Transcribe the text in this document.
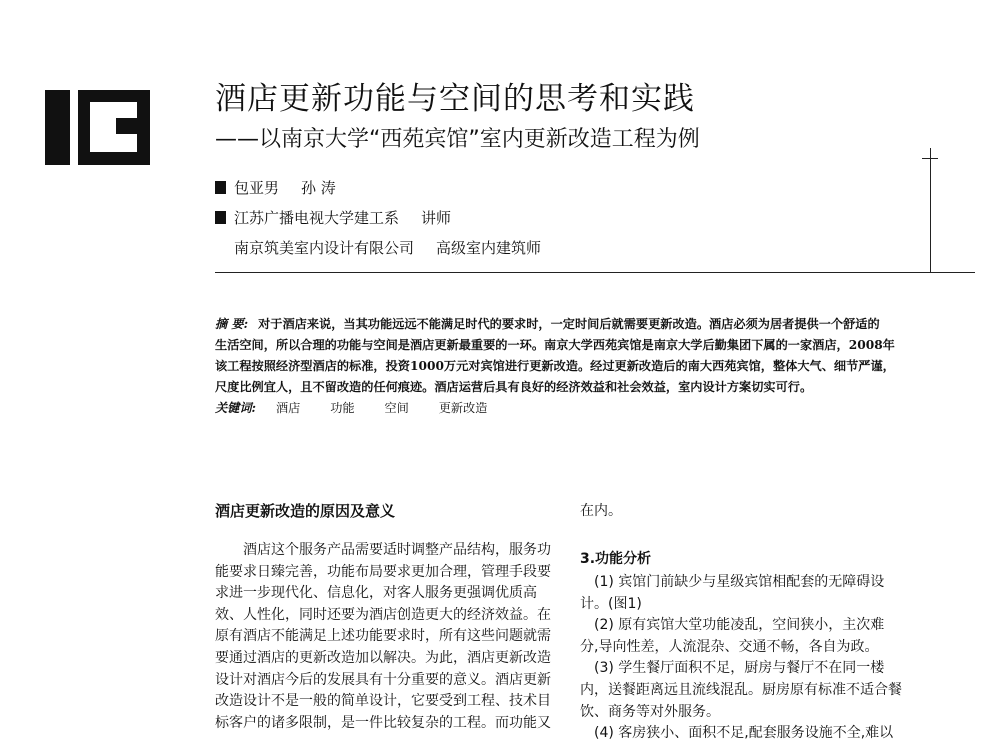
酒店更新功能与空间的思考和实践
——以南京大学“西苑宾馆”室内更新改造工程为例
包亚男 孙 涛
江苏广播电视大学建工系 讲师
南京筑美室内设计有限公司 高级室内建筑师
摘 要: 对于酒店来说，当其功能远远不能满足时代的要求时，一定时间后就需要更新改造。酒店必须为居者提供一个舒适的
生活空间，所以合理的功能与空间是酒店更新最重要的一环。南京大学西苑宾馆是南京大学后勤集团下属的一家酒店，2008年
该工程按照经济型酒店的标准，投资1000万元对宾馆进行更新改造。经过更新改造后的南大西苑宾馆，整体大气、细节严谨，
尺度比例宜人，且不留改造的任何痕迹。酒店运营后具有良好的经济效益和社会效益，室内设计方案切实可行。
关键词: 酒店 功能 空间 更新改造
酒店更新改造的原因及意义
　　酒店这个服务产品需要适时调整产品结构，服务功
能要求日臻完善，功能布局要求更加合理，管理手段要
求进一步现代化、信息化，对客人服务更强调优质高
效、人性化，同时还要为酒店创造更大的经济效益。在
原有酒店不能满足上述功能要求时，所有这些问题就需
要通过酒店的更新改造加以解决。为此，酒店更新改造
设计对酒店今后的发展具有十分重要的意义。酒店更新
改造设计不是一般的简单设计，它要受到工程、技术目
标客户的诸多限制，是一件比较复杂的工程。而功能又
在内。
3.功能分析
　(1) 宾馆门前缺少与星级宾馆相配套的无障碍设
计。(图1)
　(2) 原有宾馆大堂功能凌乱，空间狭小，主次难
分,导向性差，人流混杂、交通不畅，各自为政。
　(3) 学生餐厅面积不足，厨房与餐厅不在同一楼
内，送餐距离远且流线混乱。厨房原有标准不适合餐
饮、商务等对外服务。
　(4) 客房狭小、面积不足,配套服务设施不全,难以
